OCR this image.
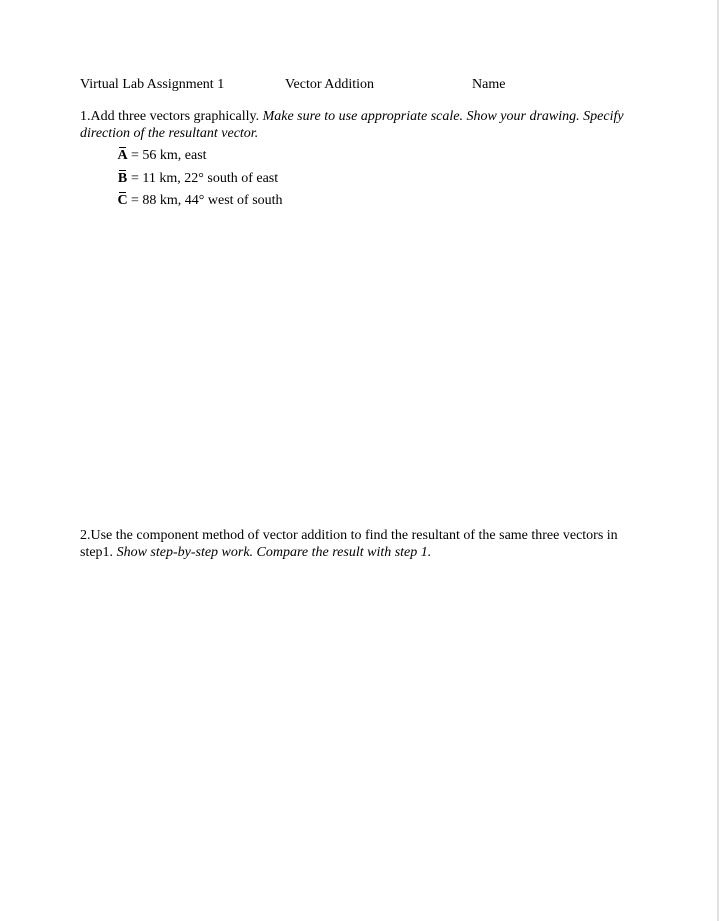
Virtual Lab Assignment 1	Vector Addition	Name
1.Add three vectors graphically. Make sure to use appropriate scale. Show your drawing. Specify direction of the resultant vector.
A = 56 km, east
B = 11 km, 22° south of east
C = 88 km, 44° west of south
2.Use the component method of vector addition to find the resultant of the same three vectors in step1. Show step-by-step work. Compare the result with step 1.
